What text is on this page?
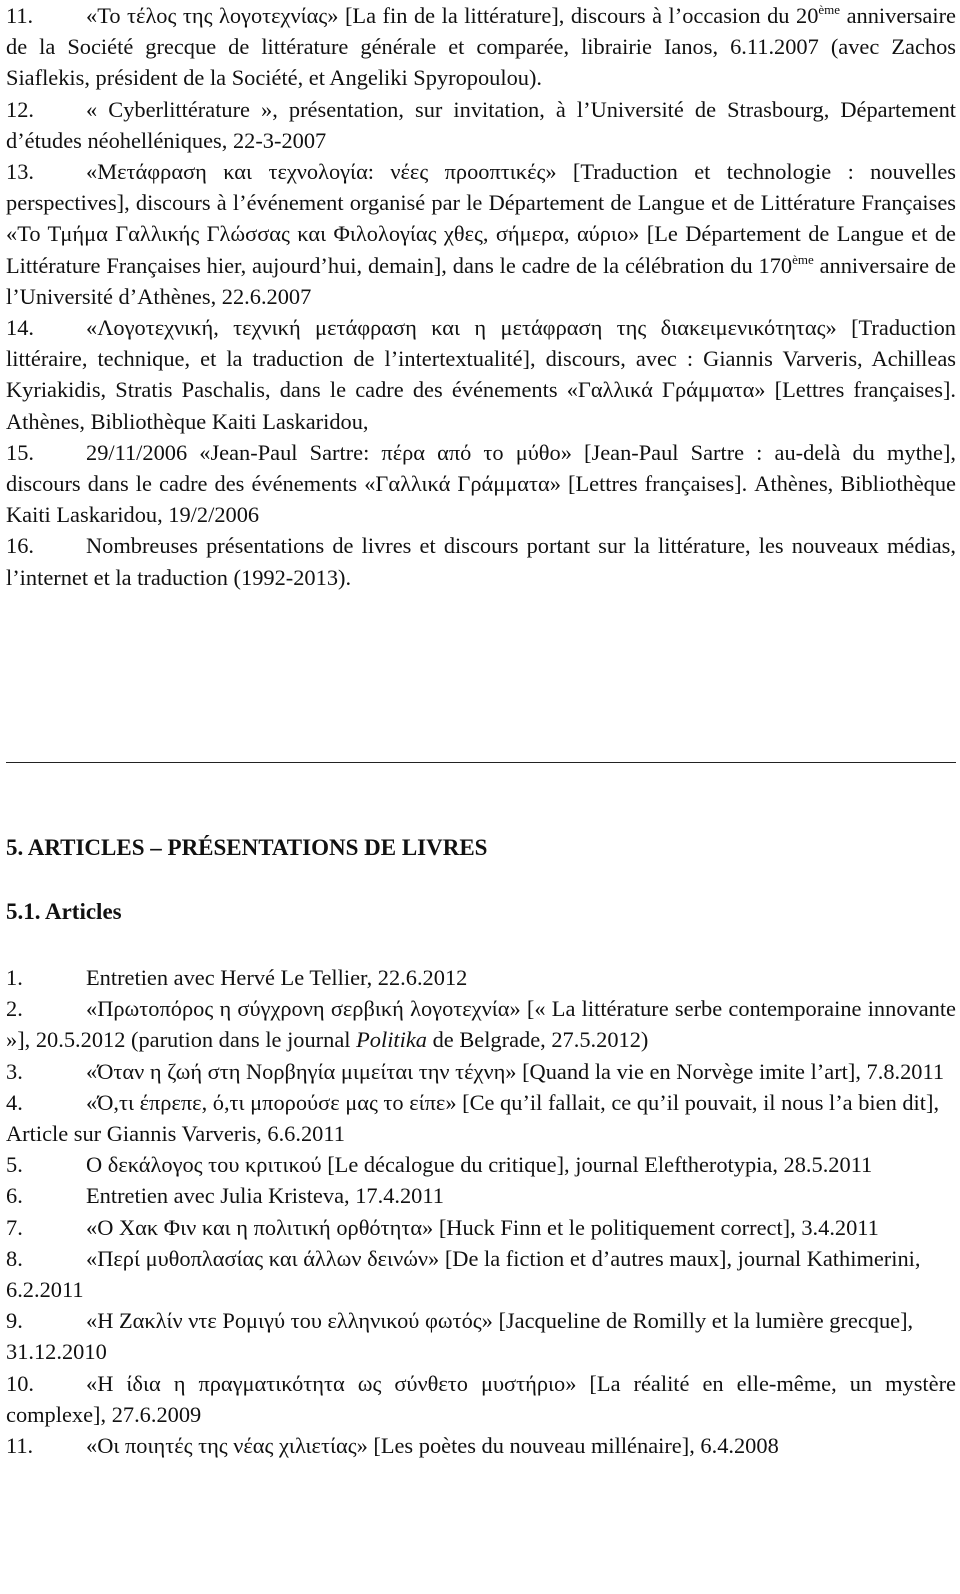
11. «Το τέλος της λογοτεχνίας» [La fin de la littérature], discours à l’occasion du 20ème anniversaire de la Société grecque de littérature générale et comparée, librairie Ianos, 6.11.2007 (avec Zachos Siaflekis, président de la Société, et Angeliki Spyropoulou).

12. « Cyberlittérature », présentation, sur invitation, à l’Université de Strasbourg, Département d’études néohelléniques, 22-3-2007

13. «Μετάφραση και τεχνολογία: νέες προοπτικές» [Traduction et technologie : nouvelles perspectives], discours à l’événement organisé par le Département de Langue et de Littérature Françaises «Το Τμήμα Γαλλικής Γλώσσας και Φιλολογίας χθες, σήμερα, αύριο» [Le Département de Langue et de Littérature Françaises hier, aujourd’hui, demain], dans le cadre de la célébration du 170ème anniversaire de l’Université d’Athènes, 22.6.2007

14. «Λογοτεχνική, τεχνική μετάφραση και η μετάφραση της διακειμενικότητας» [Traduction littéraire, technique, et la traduction de l’intertextualité], discours, avec : Giannis Varveris, Achilleas Kyriakidis, Stratis Paschalis, dans le cadre des événements «Γαλλικά Γράμματα» [Lettres françaises]. Athènes, Bibliothèque Kaiti Laskaridou,

15. 29/11/2006 «Jean-Paul Sartre: πέρα από το μύθο» [Jean-Paul Sartre : au-delà du mythe], discours dans le cadre des événements «Γαλλικά Γράμματα» [Lettres françaises]. Athènes, Bibliothèque Kaiti Laskaridou, 19/2/2006

16. Nombreuses présentations de livres et discours portant sur la littérature, les nouveaux médias, l’internet et la traduction (1992-2013).

5. ARTICLES – PRÉSENTATIONS DE LIVRES
5.1. Articles

1.	Entretien avec Hervé Le Tellier, 22.6.2012

2.	«Πρωτοπόρος η σύγχρονη σερβική λογοτεχνία» [« La littérature serbe contemporaine innovante »], 20.5.2012 (parution dans le journal Politika de Belgrade, 27.5.2012)

3.	«Όταν η ζωή στη Νορβηγία μιμείται την τέχνη» [Quand la vie en Norvège imite l’art], 7.8.2011

4.	«Ό,τι έπρεπε, ό,τι μπορούσε μας το είπε» [Ce qu’il fallait, ce qu’il pouvait, il nous l’a bien dit], Article sur Giannis Varveris, 6.6.2011

5.	Ο δεκάλογος του κριτικού [Le décalogue du critique], journal Eleftherotypia, 28.5.2011

6.	Entretien avec Julia Kristeva, 17.4.2011

7.	«Ο Χακ Φιν και η πολιτική ορθότητα» [Huck Finn et le politiquement correct], 3.4.2011

8.	«Περί μυθοπλασίας και άλλων δεινών» [De la fiction et d’autres maux], journal Kathimerini, 6.2.2011

9.	«Η Ζακλίν ντε Ρομιγύ του ελληνικού φωτός» [Jacqueline de Romilly et la lumière grecque], 31.12.2010

10. «Η ίδια η πραγματικότητα ως σύνθετο μυστήριο» [La réalité en elle-même, un mystère complexe], 27.6.2009

11. «Οι ποιητές της νέας χιλιετίας» [Les poètes du nouveau millénaire], 6.4.2008
